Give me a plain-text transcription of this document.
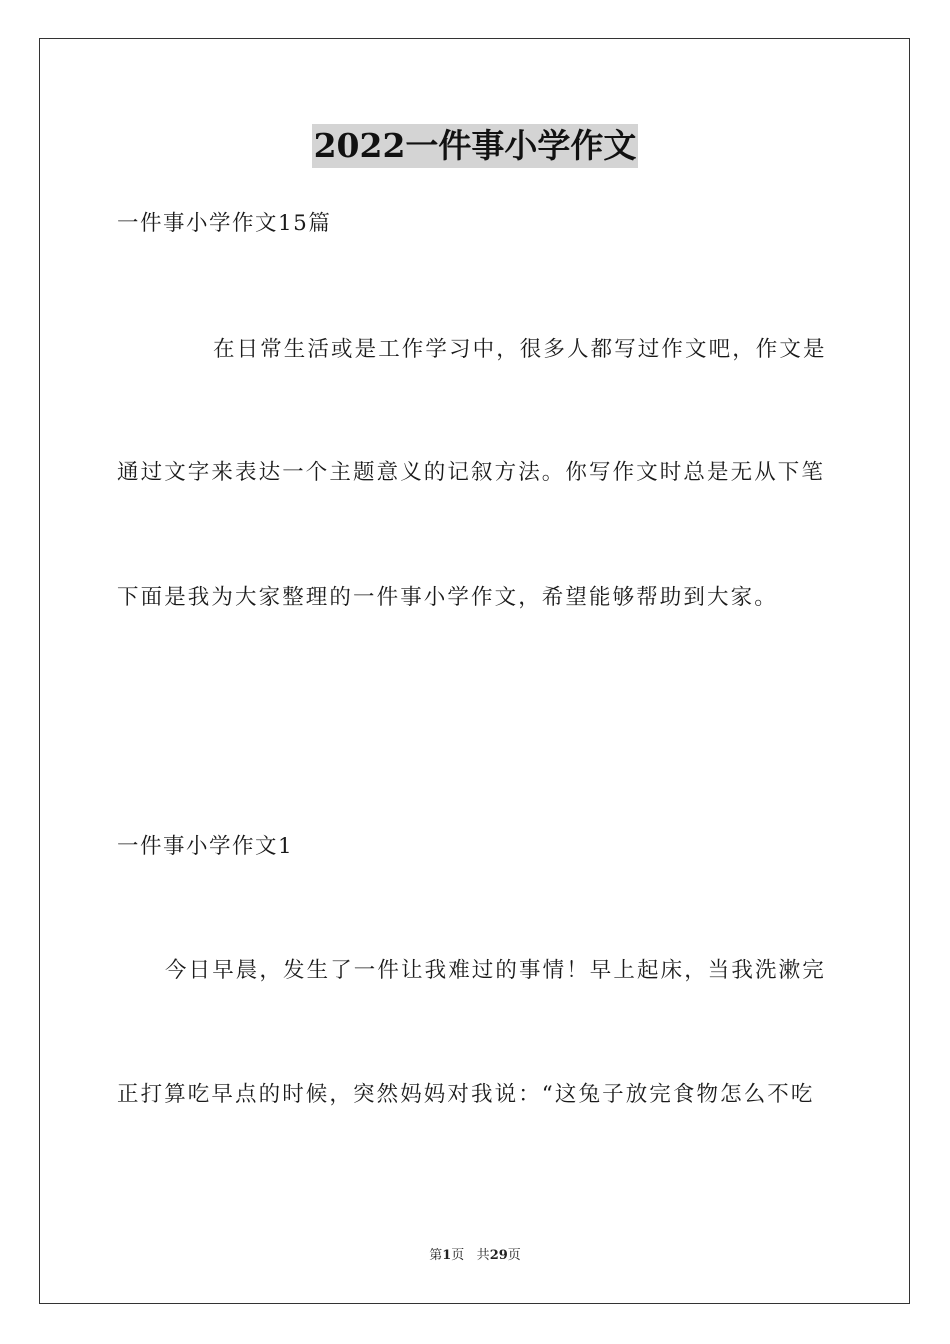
2022一件事小学作文
一件事小学作文15篇
在日常生活或是工作学习中，很多人都写过作文吧，作文是
通过文字来表达一个主题意义的记叙方法。你写作文时总是无从下笔
下面是我为大家整理的一件事小学作文，希望能够帮助到大家。
一件事小学作文1
今日早晨，发生了一件让我难过的事情！早上起床，当我洗漱完
正打算吃早点的时候，突然妈妈对我说：“这兔子放完食物怎么不吃
第1页 共29页
